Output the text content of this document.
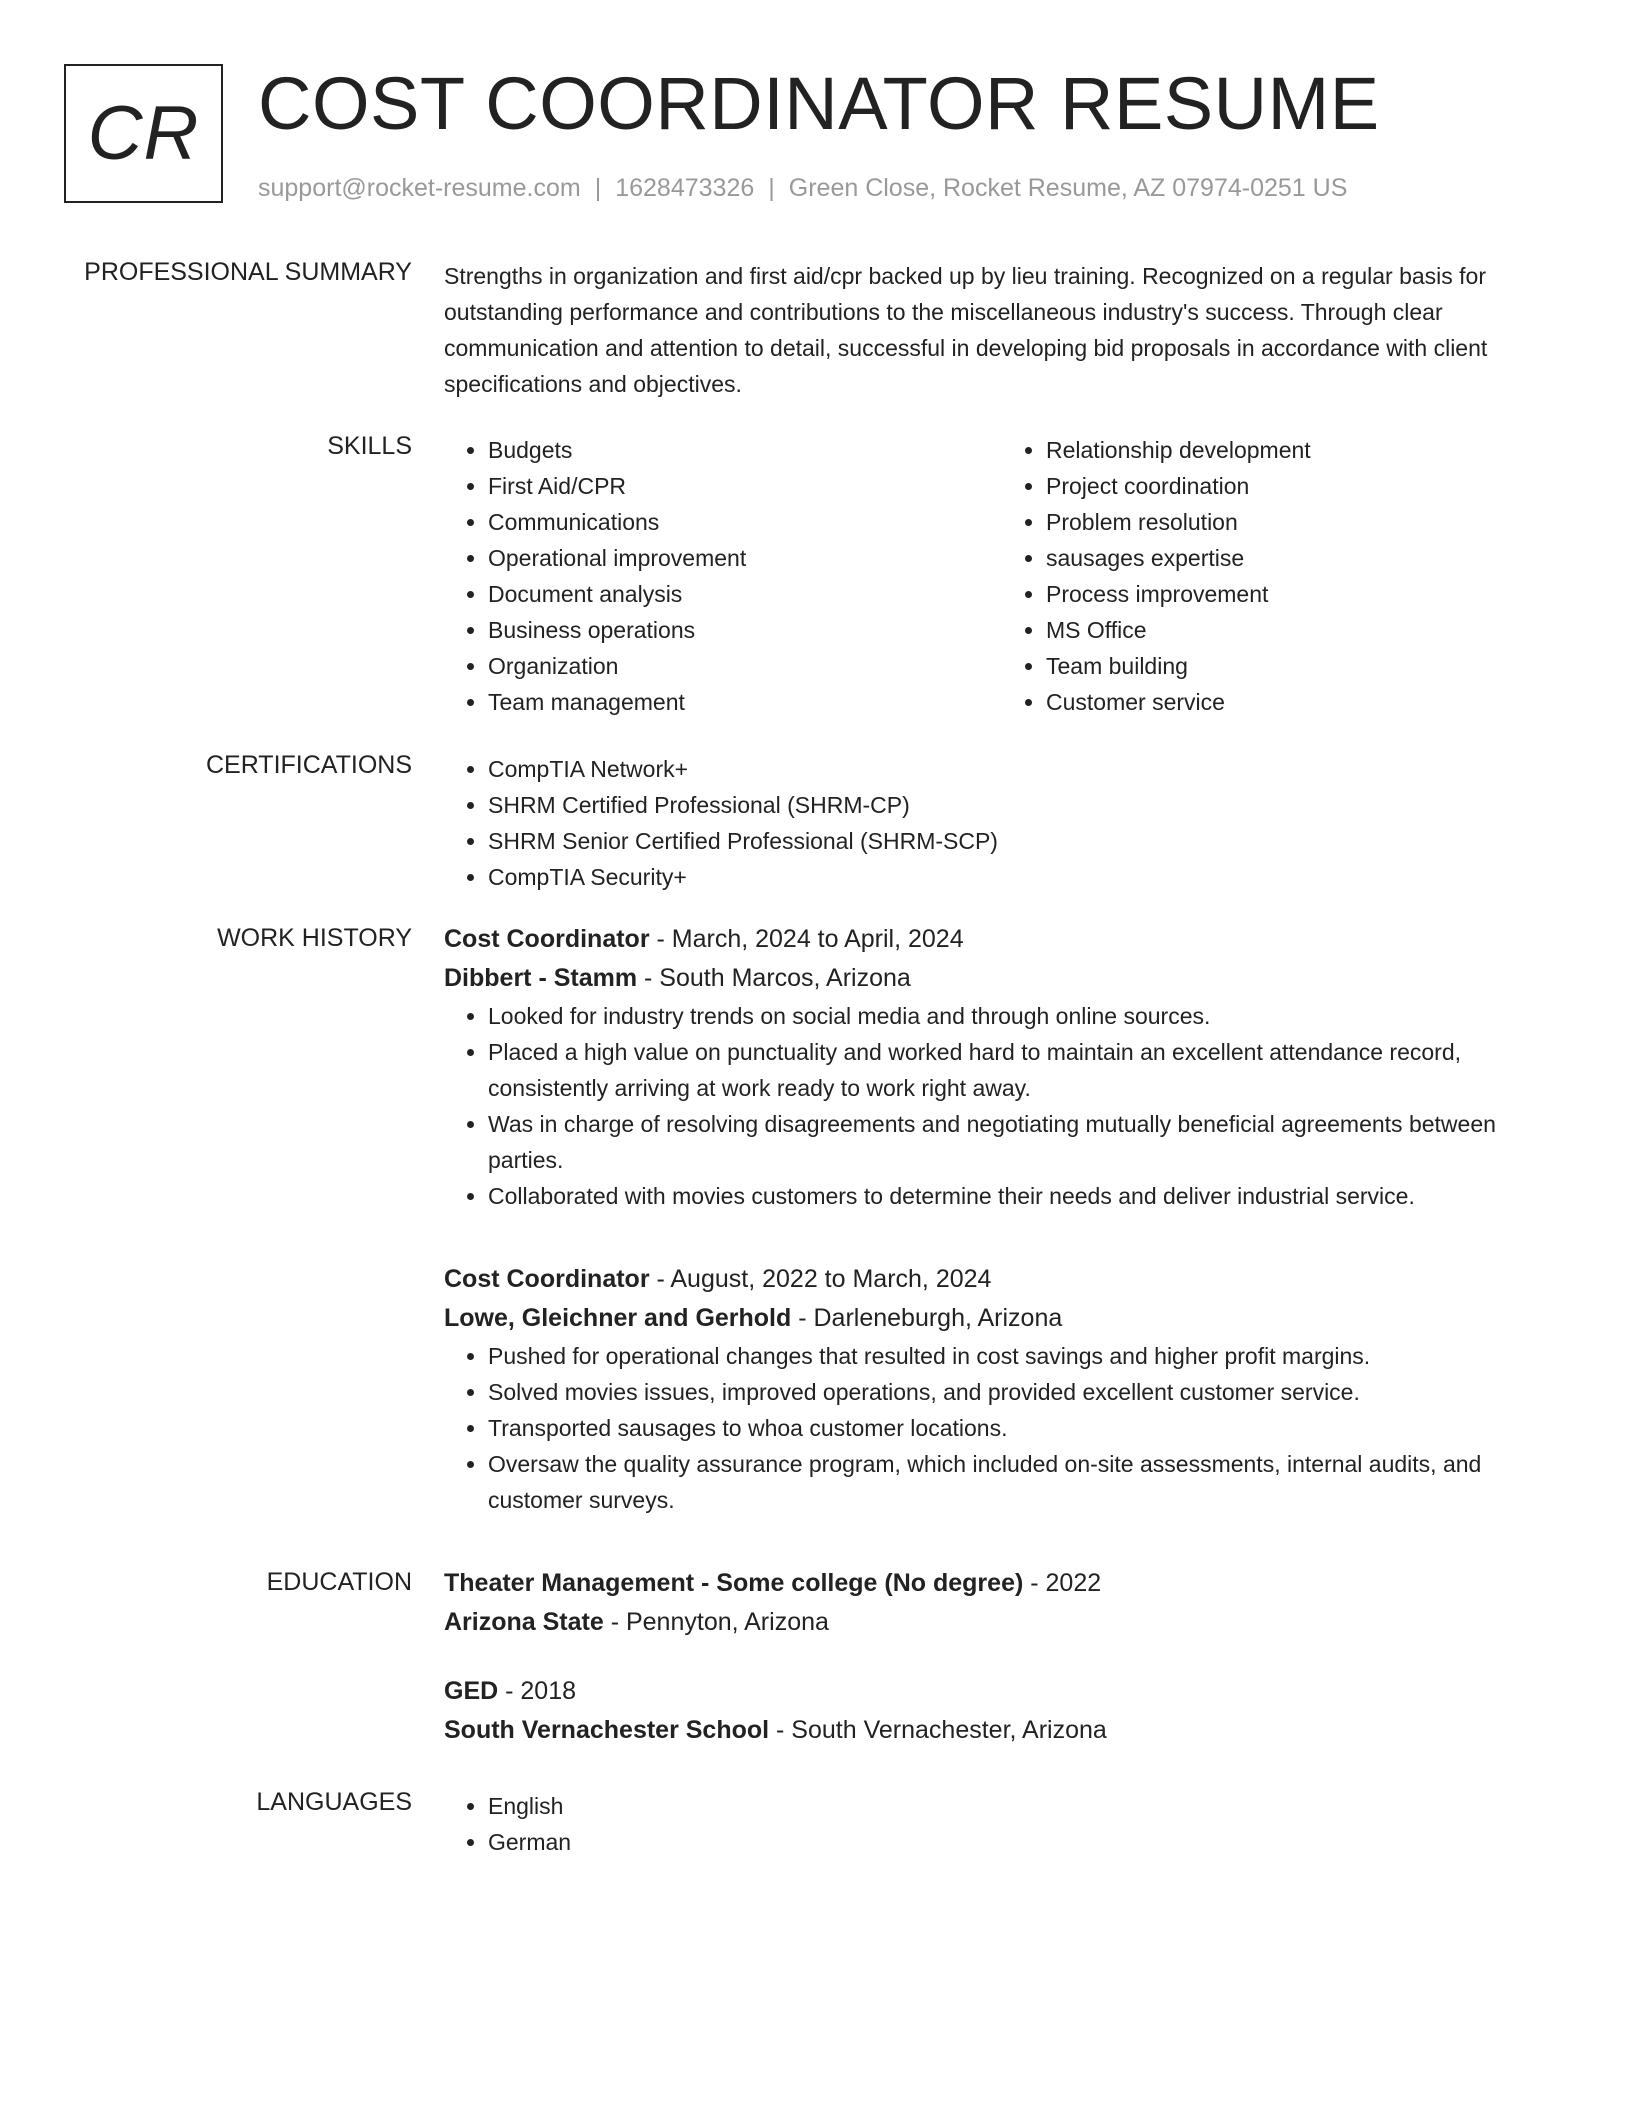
CR COST COORDINATOR RESUME
support@rocket-resume.com | 1628473326 | Green Close, Rocket Resume, AZ 07974-0251 US
PROFESSIONAL SUMMARY Strengths in organization and first aid/cpr backed up by lieu training. Recognized on a regular basis for outstanding performance and contributions to the miscellaneous industry's success. Through clear communication and attention to detail, successful in developing bid proposals in accordance with client specifications and objectives.

SKILLS	• Budgets
• First Aid/CPR
• Communications
• Operational improvement
• Document analysis
• Business operations
• Organization
• Team management
• Relationship development
• Project coordination
• Problem resolution
• sausages expertise
• Process improvement
• MS Office
• Team building
• Customer service
CERTIFICATIONS	• CompTIA Network+
• SHRM Certified Professional (SHRM-CP)
• SHRM Senior Certified Professional (SHRM-SCP)
• CompTIA Security+
WORK HISTORY Cost Coordinator - March, 2024 to April, 2024

Dibbert - Stamm - South Marcos, Arizona

• Looked for industry trends on social media and through online sources.
• Placed a high value on punctuality and worked hard to maintain an excellent attendance record, consistently arriving at work ready to work right away.
• Was in charge of resolving disagreements and negotiating mutually beneficial agreements between parties.
• Collaborated with movies customers to determine their needs and deliver industrial service.

Cost Coordinator - August, 2022 to March, 2024

Lowe, Gleichner and Gerhold - Darleneburgh, Arizona

• Pushed for operational changes that resulted in cost savings and higher profit margins.
• Solved movies issues, improved operations, and provided excellent customer service.
• Transported sausages to whoa customer locations.
• Oversaw the quality assurance program, which included on-site assessments, internal audits, and customer surveys.
EDUCATION Theater Management - Some college (No degree) - 2022

Arizona State - Pennyton, Arizona

GED - 2018

South Vernachester School - South Vernachester, Arizona

LANGUAGES	• English
• German
